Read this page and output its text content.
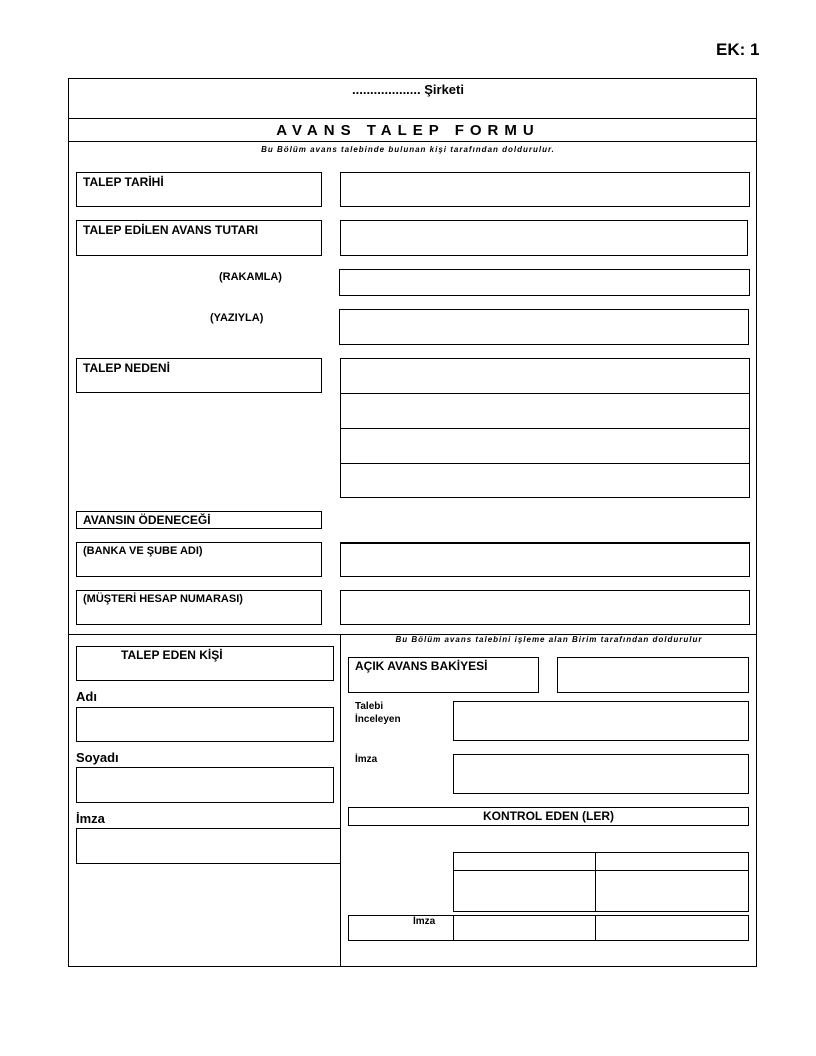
EK: 1
................... Şirketi
AVANS TALEP FORMU
Bu Bölüm avans talebinde bulunan kişi tarafından doldurulur.
TALEP TARİHİ
TALEP EDİLEN AVANS TUTARI
(RAKAMLA)
(YAZIYLA)
TALEP NEDENİ
AVANSIN ÖDENECEĞİ
(BANKA VE ŞUBE ADI)
(MÜŞTERİ HESAP NUMARASI)
TALEP EDEN KİŞİ
Adı
Soyadı
İmza
Bu Bölüm avans talebini işleme alan Birim tarafından doldurulur
AÇIK AVANS BAKİYESİ
Talebi
İnceleyen
İmza
KONTROL EDEN (LER)
İmza
